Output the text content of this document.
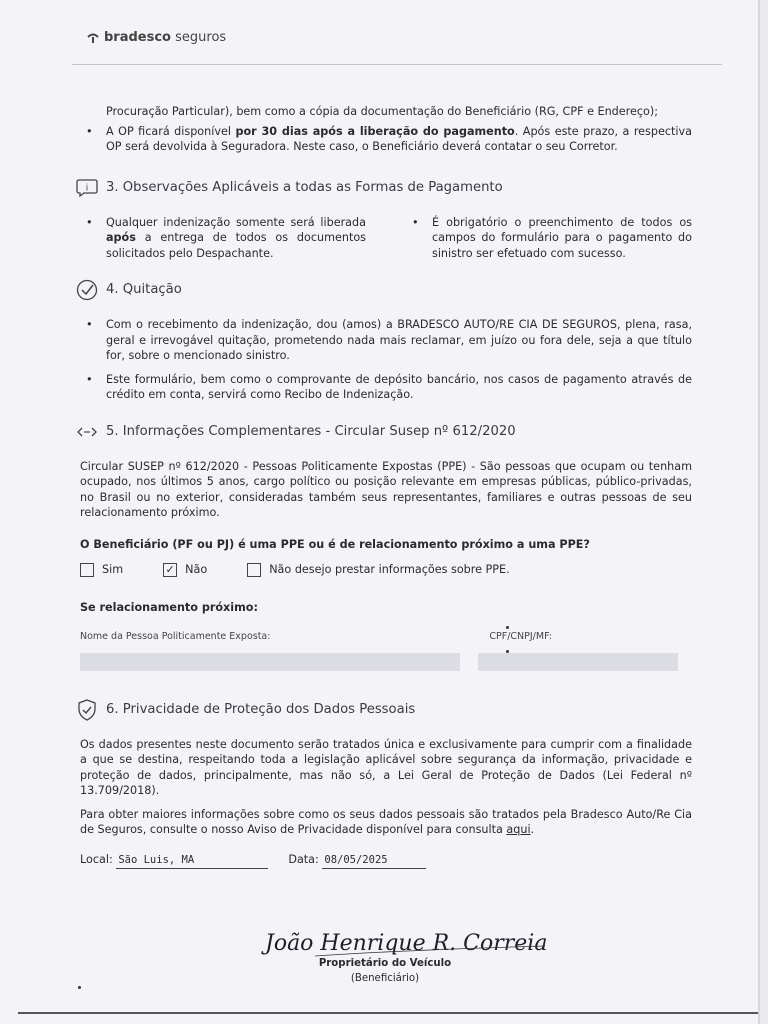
bradesco seguros

Procuração Particular), bem como a cópia da documentação do Beneficiário (RG, CPF e Endereço);

• A OP ficará disponível por 30 dias após a liberação do pagamento. Após este prazo, a respectiva OP será devolvida à Seguradora. Neste caso, o Beneficiário deverá contatar o seu Corretor.

i 3. Observações Aplicáveis a todas as Formas de Pagamento

• Qualquer indenização somente será liberada após a entrega de todos os documentos solicitados pelo Despachante.

• É obrigatório o preenchimento de todos os campos do formulário para o pagamento do sinistro ser efetuado com sucesso.

4. Quitação

• Com o recebimento da indenização, dou (amos) a BRADESCO AUTO/RE CIA DE SEGUROS, plena, rasa, geral e irrevogável quitação, prometendo nada mais reclamar, em juízo ou fora dele, seja a que título for, sobre o mencionado sinistro.

• Este formulário, bem como o comprovante de depósito bancário, nos casos de pagamento através de crédito em conta, servirá como Recibo de Indenização.

5. Informações Complementares - Circular Susep nº 612/2020

Circular SUSEP nº 612/2020 - Pessoas Politicamente Expostas (PPE) - São pessoas que ocupam ou tenham ocupado, nos últimos 5 anos, cargo político ou posição relevante em empresas públicas, público-privadas, no Brasil ou no exterior, consideradas também seus representantes, familiares e outras pessoas de seu relacionamento próximo.

O Beneficiário (PF ou PJ) é uma PPE ou é de relacionamento próximo a uma PPE?

Sim	✓ Não	Não desejo prestar informações sobre PPE.

Se relacionamento próximo:

Nome da Pessoa Politicamente Exposta:	CPF/CNPJ/MF:
6. Privacidade de Proteção dos Dados Pessoais

Os dados presentes neste documento serão tratados única e exclusivamente para cumprir com a finalidade a que se destina, respeitando toda a legislação aplicável sobre segurança da informação, privacidade e proteção de dados, principalmente, mas não só, a Lei Geral de Proteção de Dados (Lei Federal nº 13.709/2018).

Para obter maiores informações sobre como os seus dados pessoais são tratados pela Bradesco Auto/Re Cia de Seguros, consulte o nosso Aviso de Privacidade disponível para consulta aqui.

Local: São Luis, MA	Data: 08/05/2025
João Henrique R. Correia
Proprietário do Veículo
(Beneficiário)
